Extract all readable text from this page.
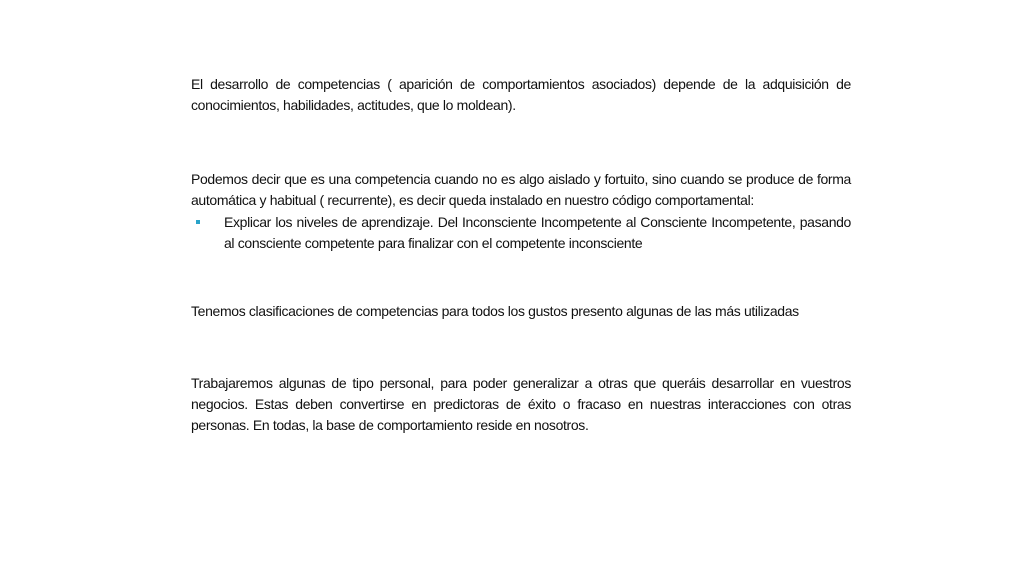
El desarrollo de competencias ( aparición de comportamientos asociados) depende de la adquisición de conocimientos, habilidades, actitudes, que lo moldean).

Podemos decir que es una competencia cuando no es algo aislado y fortuito, sino cuando se produce de forma automática y habitual ( recurrente), es decir queda instalado en nuestro código comportamental:

Explicar los niveles de aprendizaje. Del Inconsciente Incompetente al Consciente Incompetente, pasando al consciente competente para finalizar con el competente inconsciente

Tenemos clasificaciones de competencias para todos los gustos presento algunas de las más utilizadas

Trabajaremos algunas de tipo personal, para poder generalizar a otras que queráis desarrollar en vuestros negocios. Estas deben convertirse en predictoras de éxito o fracaso en nuestras interacciones con otras personas. En todas, la base de comportamiento reside en nosotros.
